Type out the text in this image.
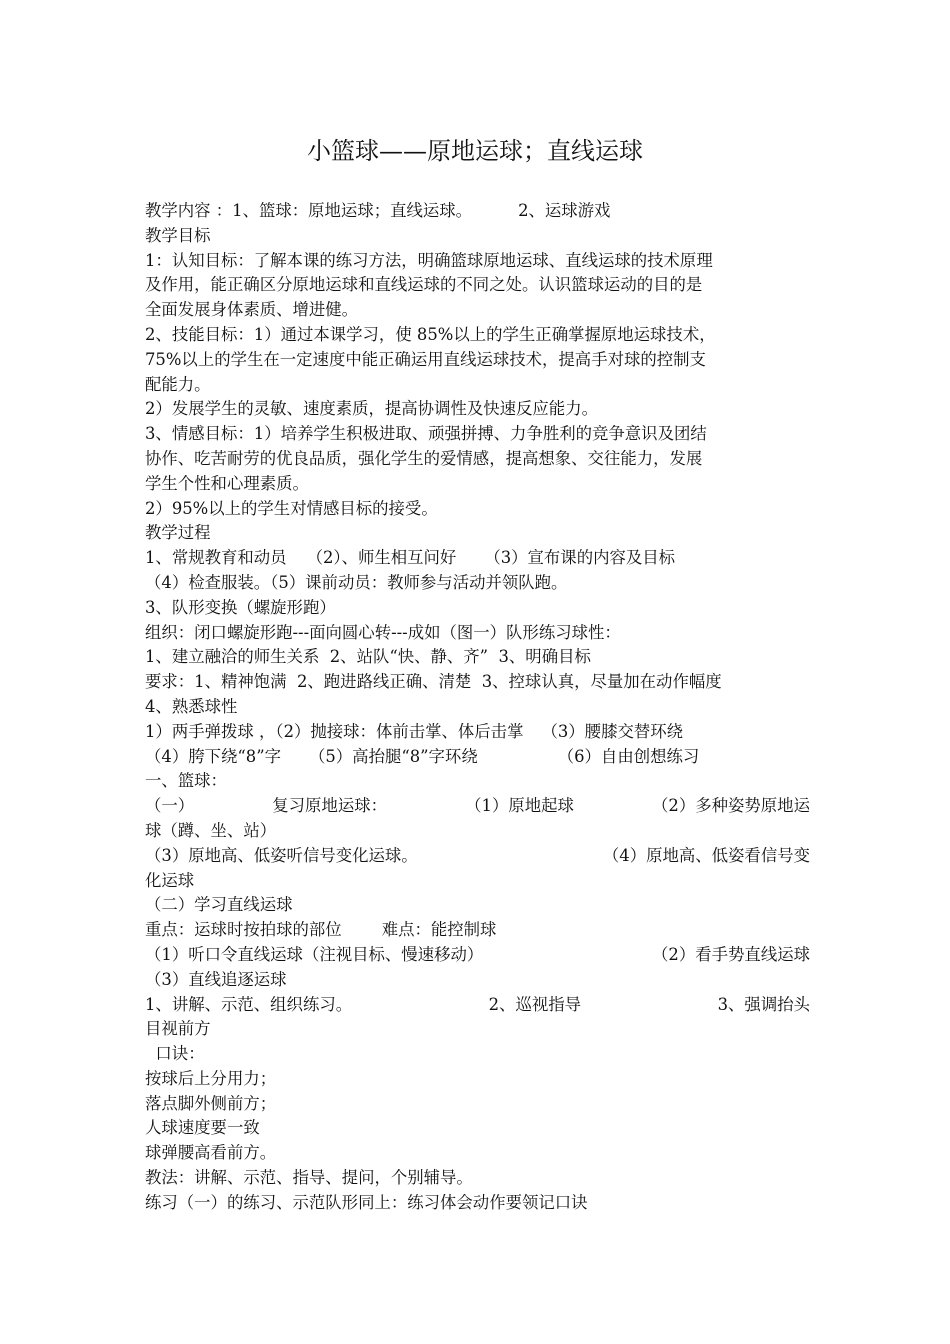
小篮球——原地运球；直线运球
教学内容 ：1、篮球：原地运球；直线运球。	2、运球游戏
教学目标
1：认知目标：了解本课的练习方法，明确篮球原地运球、直线运球的技术原理
及作用，能正确区分原地运球和直线运球的不同之处。认识篮球运动的目的是
全面发展身体素质、增进健。
2、技能目标：1）通过本课学习，使 85%以上的学生正确掌握原地运球技术，
75%以上的学生在一定速度中能正确运用直线运球技术，提高手对球的控制支
配能力。
2）发展学生的灵敏、速度素质，提高协调性及快速反应能力。
3、情感目标：1）培养学生积极进取、顽强拼搏、力争胜利的竞争意识及团结
协作、吃苦耐劳的优良品质，强化学生的爱情感，提高想象、交往能力，发展
学生个性和心理素质。
2）95%以上的学生对情感目标的接受。
教学过程
1、常规教育和动员 （2）、师生相互问好 （3）宣布课的内容及目标
（4）检查服装。（5）课前动员：教师参与活动并领队跑。
3、队形变换（螺旋形跑）
组织：闭口螺旋形跑---面向圆心转---成如（图一）队形练习球性：
1、建立融洽的师生关系  2、站队“快、静、齐”  3、明确目标
要求：1、精神饱满  2、跑进路线正确、清楚  3、控球认真，尽量加在动作幅度
4、熟悉球性
1）两手弹拨球 ，（2）抛接球：体前击掌、体后击掌 （3）腰膝交替环绕
（4）胯下绕“8”字 （5）高抬腿“8”字环绕	（6）自由创想练习
一、篮球：
（一）	复习原地运球：	（1）原地起球	（2）多种姿势原地运
球（蹲、坐、站）
（3）原地高、低姿听信号变化运球。	（4）原地高、低姿看信号变
化运球
（二）学习直线运球
重点：运球时按拍球的部位 难点：能控制球
（1）听口令直线运球（注视目标、慢速移动）	（2）看手势直线运球
（3）直线追逐运球
1、讲解、示范、组织练习。	2、巡视指导	3、强调抬头
目视前方
口诀：
按球后上分用力；
落点脚外侧前方；
人球速度要一致
球弹腰高看前方。
教法：讲解、示范、指导、提问，个别辅导。
练习（一）的练习、示范队形同上：练习体会动作要领记口诀
